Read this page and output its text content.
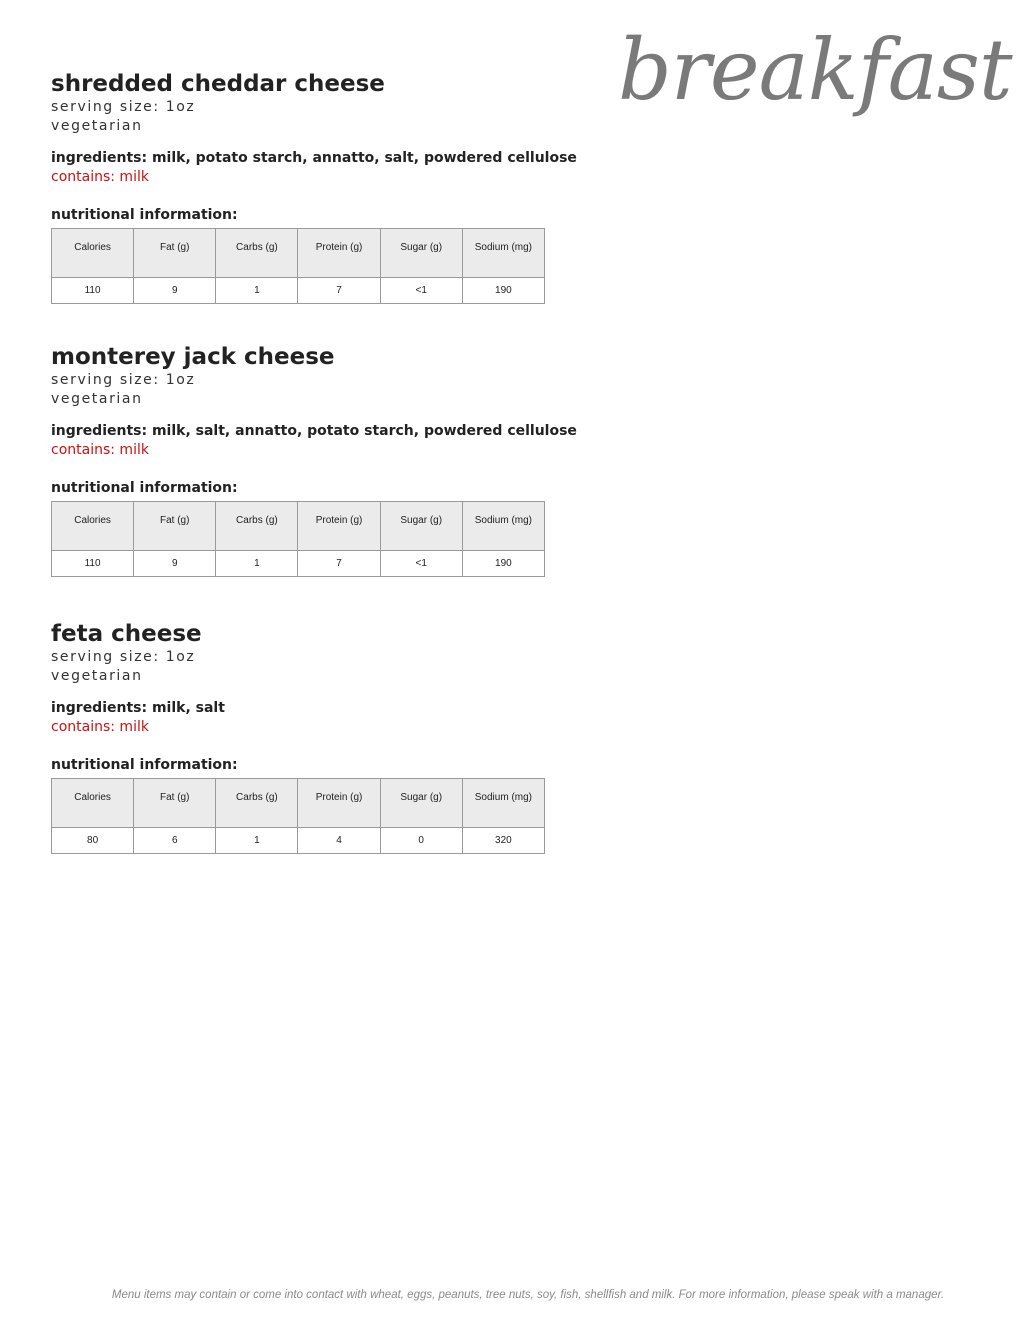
breakfast
shredded cheddar cheese

serving size: 1oz

vegetarian

ingredients: milk, potato starch, annatto, salt, powdered cellulose

contains: milk

nutritional information:

Calories	Fat (g)	Carbs (g)	Protein (g)	Sugar (g)	Sodium (mg)
110	9	1	7	<1	190
monterey jack cheese

serving size: 1oz

vegetarian

ingredients: milk, salt, annatto, potato starch, powdered cellulose

contains: milk

nutritional information:

Calories	Fat (g)	Carbs (g)	Protein (g)	Sugar (g)	Sodium (mg)
110	9	1	7	<1	190
feta cheese

serving size: 1oz

vegetarian

ingredients: milk, salt

contains: milk

nutritional information:

Calories	Fat (g)	Carbs (g)	Protein (g)	Sugar (g)	Sodium (mg)
80	6	1	4	0	320
Menu items may contain or come into contact with wheat, eggs, peanuts, tree nuts, soy, fish, shellfish and milk. For more information, please speak with a manager.
